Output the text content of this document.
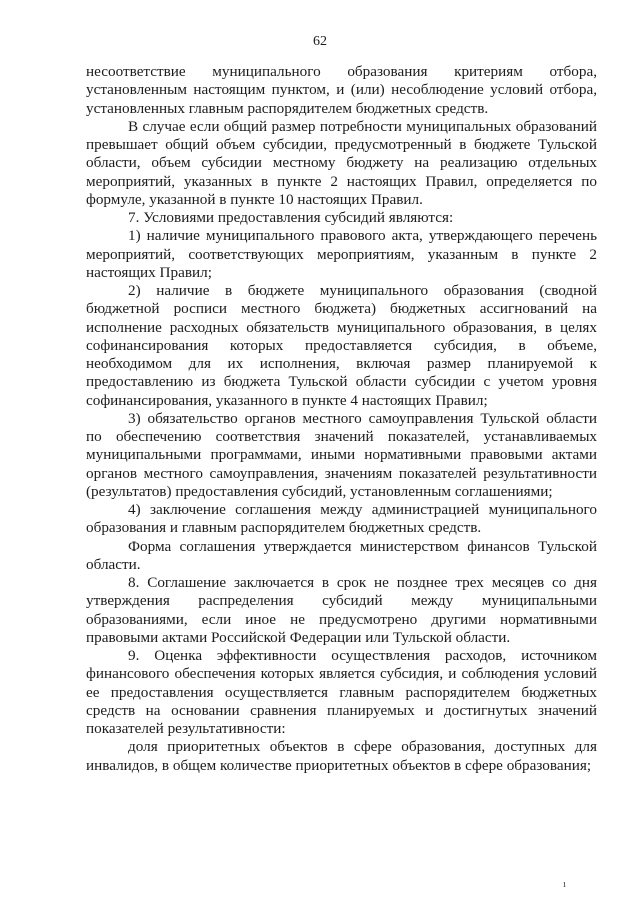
62

несоответствие муниципального образования критериям отбора, установленным настоящим пунктом, и (или) несоблюдение условий отбора, установленных главным распорядителем бюджетных средств.

В случае если общий размер потребности муниципальных образований превышает общий объем субсидии, предусмотренный в бюджете Тульской области, объем субсидии местному бюджету на реализацию отдельных мероприятий, указанных в пункте 2 настоящих Правил, определяется по формуле, указанной в пункте 10 настоящих Правил.

7. Условиями предоставления субсидий являются:

1) наличие муниципального правового акта, утверждающего перечень мероприятий, соответствующих мероприятиям, указанным в пункте 2 настоящих Правил;

2) наличие в бюджете муниципального образования (сводной бюджетной росписи местного бюджета) бюджетных ассигнований на исполнение расходных обязательств муниципального образования, в целях софинансирования которых предоставляется субсидия, в объеме, необходимом для их исполнения, включая размер планируемой к предоставлению из бюджета Тульской области субсидии с учетом уровня софинансирования, указанного в пункте 4 настоящих Правил;

3) обязательство органов местного самоуправления Тульской области по обеспечению соответствия значений показателей, устанавливаемых муниципальными программами, иными нормативными правовыми актами органов местного самоуправления, значениям показателей результативности (результатов) предоставления субсидий, установленным соглашениями;

4) заключение соглашения между администрацией муниципального образования и главным распорядителем бюджетных средств.

Форма соглашения утверждается министерством финансов Тульской области.

8. Соглашение заключается в срок не позднее трех месяцев со дня утверждения распределения субсидий между муниципальными образованиями, если иное не предусмотрено другими нормативными правовыми актами Российской Федерации или Тульской области.

9. Оценка эффективности осуществления расходов, источником финансового обеспечения которых является субсидия, и соблюдения условий ее предоставления осуществляется главным распорядителем бюджетных средств на основании сравнения планируемых и достигнутых значений показателей результативности:

доля приоритетных объектов в сфере образования, доступных для инвалидов, в общем количестве приоритетных объектов в сфере образования;

ı
